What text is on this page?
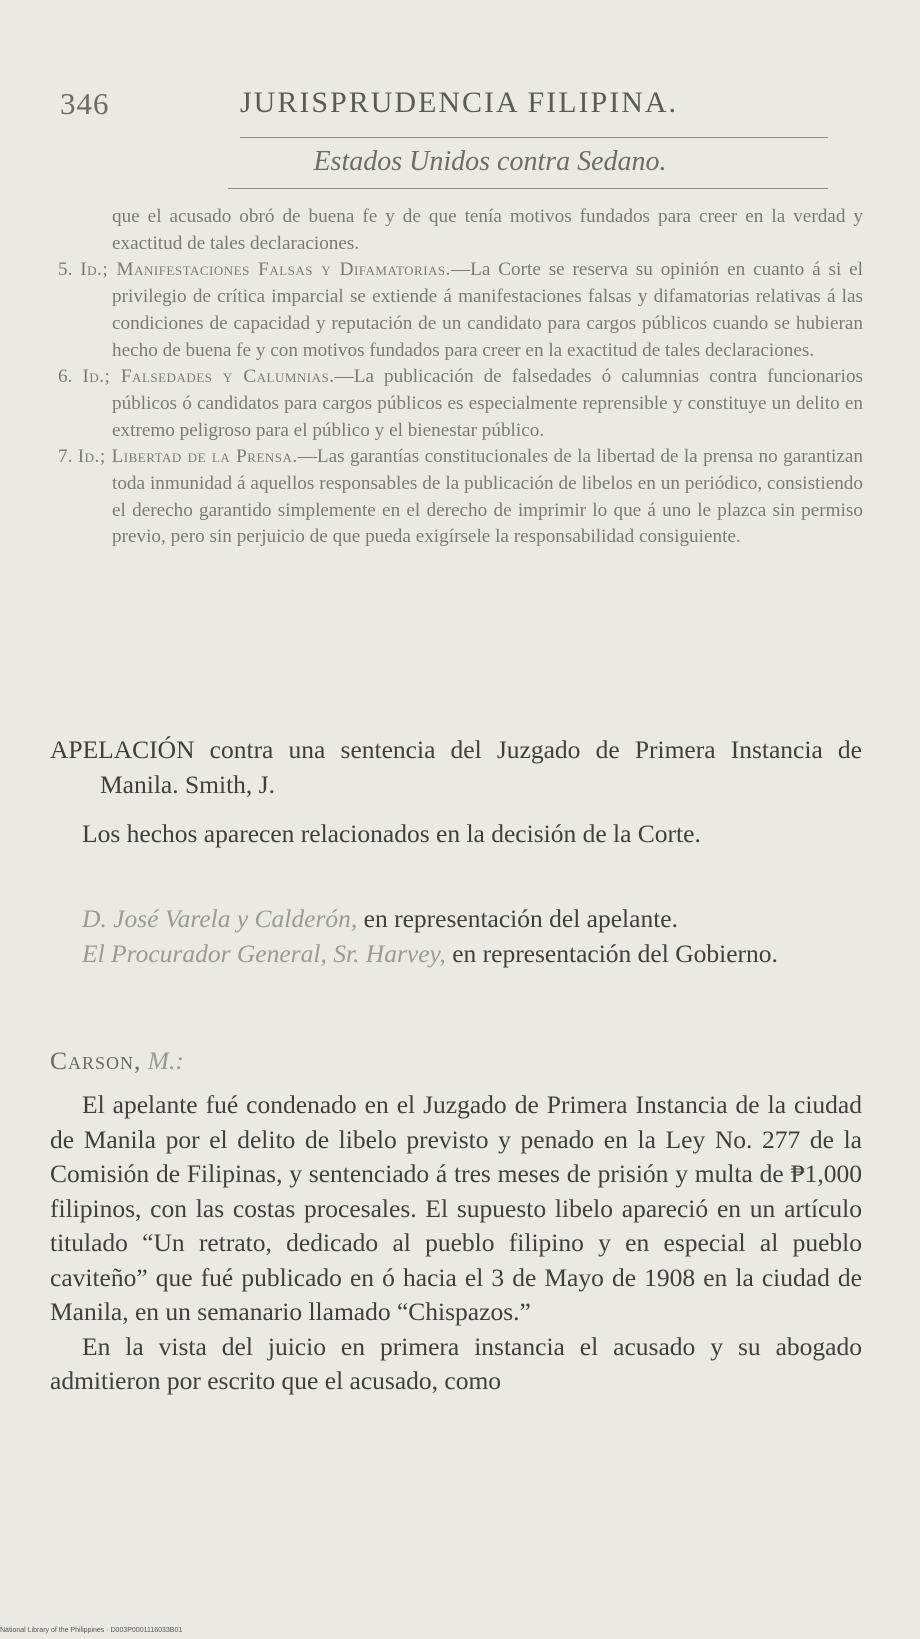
346	JURISPRUDENCIA FILIPINA.
Estados Unidos contra Sedano.

que el acusado obró de buena fe y de que tenía motivos fundados para creer en la verdad y exactitud de tales declaraciones.

5. Id.; Manifestaciones Falsas y Difamatorias.—La Corte se reserva su opinión en cuanto á si el privilegio de crítica imparcial se extiende á manifestaciones falsas y difamatorias relativas á las condiciones de capacidad y reputación de un candidato para cargos públicos cuando se hubieran hecho de buena fe y con motivos fundados para creer en la exactitud de tales declaraciones.

6. Id.; Falsedades y Calumnias.—La publicación de falsedades ó calumnias contra funcionarios públicos ó candidatos para cargos públicos es especialmente reprensible y constituye un delito en extremo peligroso para el público y el bienestar público.

7. Id.; Libertad de la Prensa.—Las garantías constitucionales de la libertad de la prensa no garantizan toda inmunidad á aquellos responsables de la publicación de libelos en un periódico, consistiendo el derecho garantido simplemente en el derecho de imprimir lo que á uno le plazca sin permiso previo, pero sin perjuicio de que pueda exigírsele la responsabilidad consiguiente.

APELACIÓN contra una sentencia del Juzgado de Primera Instancia de Manila. Smith, J.

Los hechos aparecen relacionados en la decisión de la Corte.

D. José Varela y Calderón, en representación del apelante.

El Procurador General, Sr. Harvey, en representación del Gobierno.

Carson, M.:

El apelante fué condenado en el Juzgado de Primera Instancia de la ciudad de Manila por el delito de libelo previsto y penado en la Ley No. 277 de la Comisión de Filipinas, y sentenciado á tres meses de prisión y multa de ₱1,000 filipinos, con las costas procesales. El supuesto libelo apareció en un artículo titulado “Un retrato, dedicado al pueblo filipino y en especial al pueblo caviteño” que fué publicado en ó hacia el 3 de Mayo de 1908 en la ciudad de Manila, en un semanario llamado “Chispazos.”

En la vista del juicio en primera instancia el acusado y su abogado admitieron por escrito que el acusado, como

National Library of the Philippines · D003P0001116033B01
